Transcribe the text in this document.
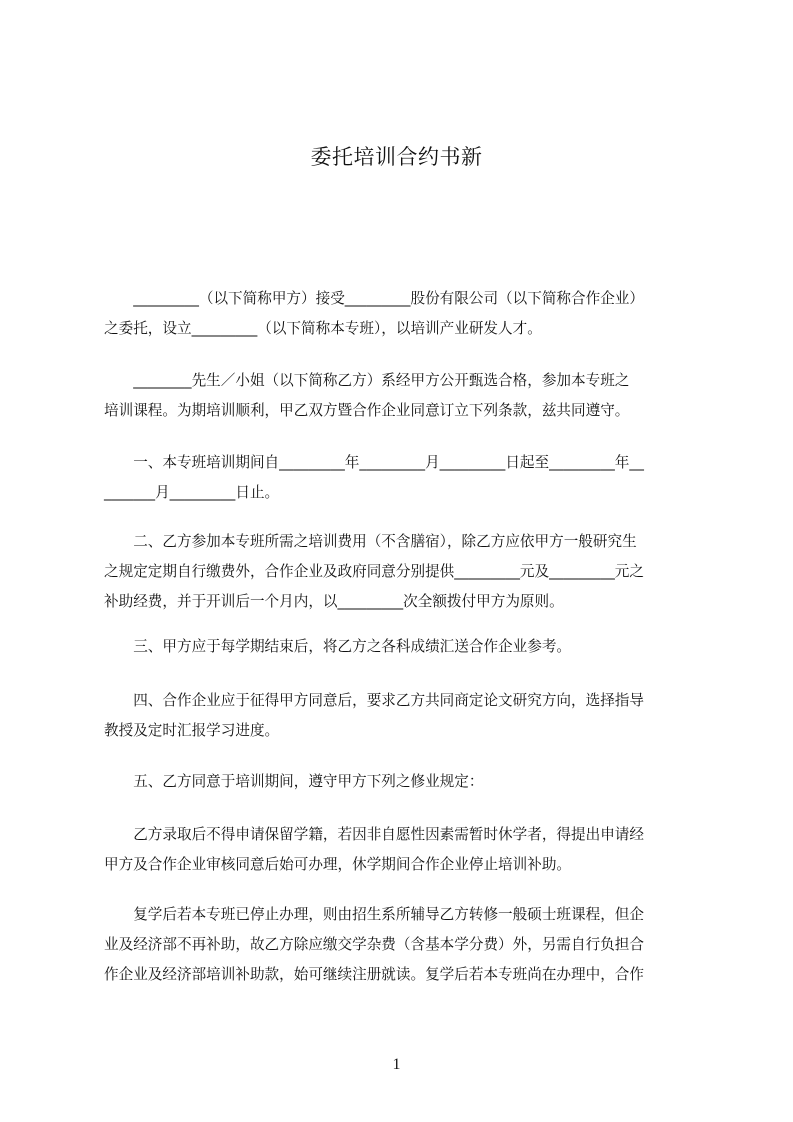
委托培训合约书新
　　_________（以下简称甲方）接受_________股份有限公司（以下简称合作企业）
之委托，设立_________（以下简称本专班），以培训产业研发人才。
　　________先生／小姐（以下简称乙方）系经甲方公开甄选合格，参加本专班之
培训课程。为期培训顺利，甲乙双方暨合作企业同意订立下列条款，兹共同遵守。
　　一、本专班培训期间自_________年_________月_________日起至_________年__
_______月_________日止。
　　二、乙方参加本专班所需之培训费用（不含膳宿），除乙方应依甲方一般研究生
之规定定期自行缴费外，合作企业及政府同意分别提供_________元及_________元之
补助经费，并于开训后一个月内，以_________次全额拨付甲方为原则。
　　三、甲方应于每学期结束后，将乙方之各科成绩汇送合作企业参考。
　　四、合作企业应于征得甲方同意后，要求乙方共同商定论文研究方向，选择指导
教授及定时汇报学习进度。
　　五、乙方同意于培训期间，遵守甲方下列之修业规定：
　　乙方录取后不得申请保留学籍，若因非自愿性因素需暂时休学者，得提出申请经
甲方及合作企业审核同意后始可办理，休学期间合作企业停止培训补助。
　　复学后若本专班已停止办理，则由招生系所辅导乙方转修一般硕士班课程，但企
业及经济部不再补助，故乙方除应缴交学杂费（含基本学分费）外，另需自行负担合
作企业及经济部培训补助款，始可继续注册就读。复学后若本专班尚在办理中，合作
1
